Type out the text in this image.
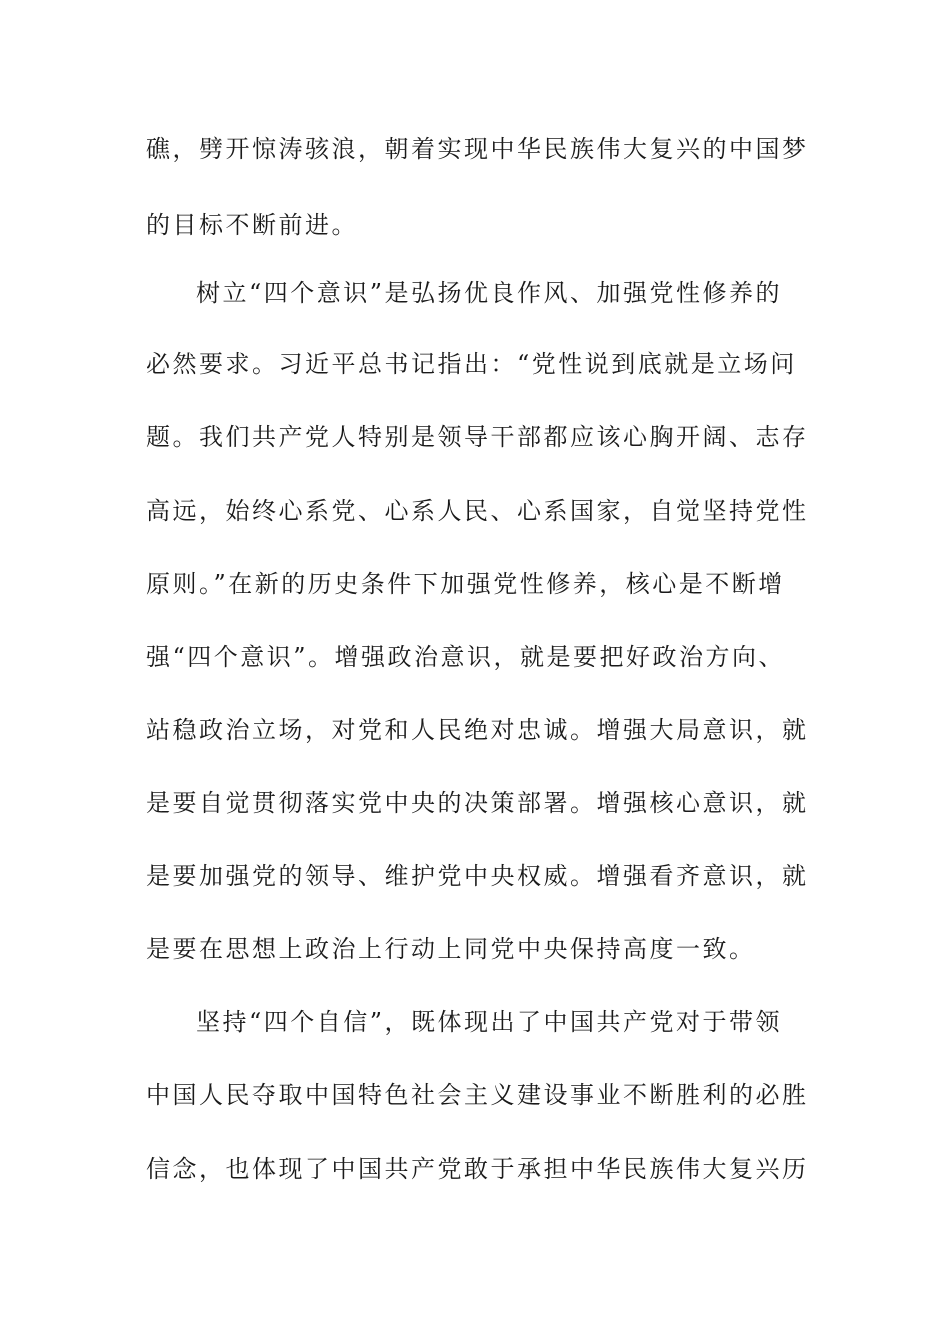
礁，劈开惊涛骇浪，朝着实现中华民族伟大复兴的中国梦
的目标不断前进。
树立“四个意识”是弘扬优良作风、加强党性修养的
必然要求。习近平总书记指出：“党性说到底就是立场问
题。我们共产党人特别是领导干部都应该心胸开阔、志存
高远，始终心系党、心系人民、心系国家，自觉坚持党性
原则。”在新的历史条件下加强党性修养，核心是不断增
强“四个意识”。增强政治意识，就是要把好政治方向、
站稳政治立场，对党和人民绝对忠诚。增强大局意识，就
是要自觉贯彻落实党中央的决策部署。增强核心意识，就
是要加强党的领导、维护党中央权威。增强看齐意识，就
是要在思想上政治上行动上同党中央保持高度一致。
坚持“四个自信”，既体现出了中国共产党对于带领
中国人民夺取中国特色社会主义建设事业不断胜利的必胜
信念，也体现了中国共产党敢于承担中华民族伟大复兴历
